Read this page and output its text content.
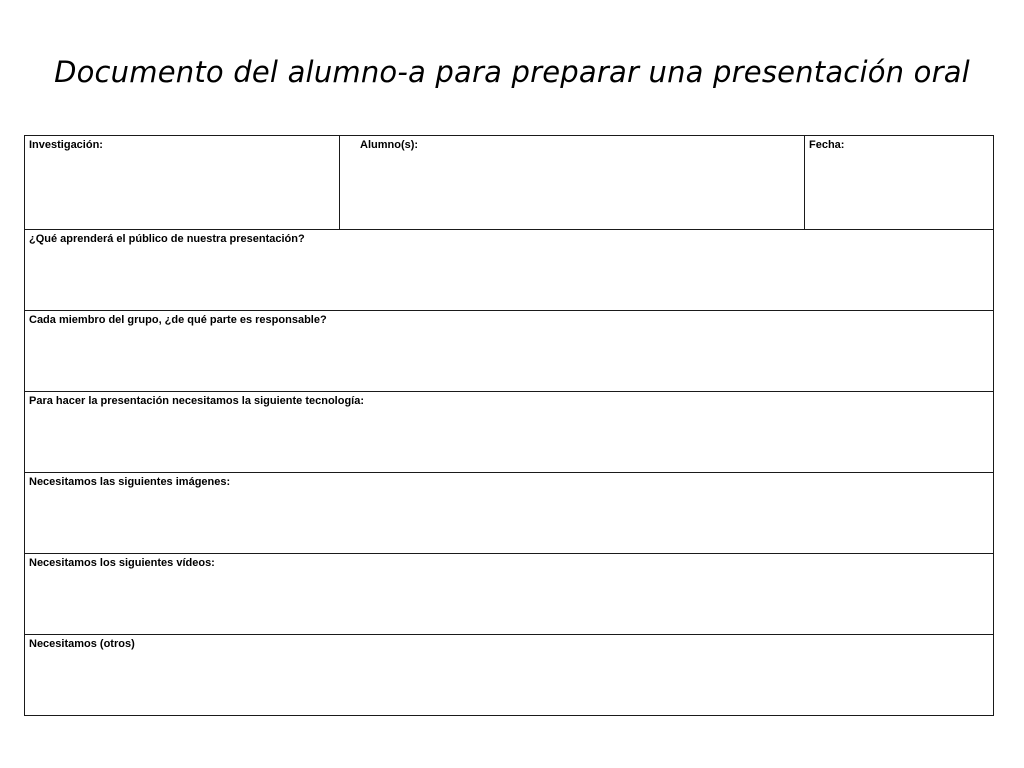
Documento del alumno-a para preparar una presentación oral
Investigación:	Alumno(s):	Fecha:
¿Qué aprenderá el público de nuestra presentación?
Cada miembro del grupo, ¿de qué parte es responsable?
Para hacer la presentación necesitamos la siguiente tecnología:
Necesitamos las siguientes imágenes:
Necesitamos los siguientes vídeos:
Necesitamos (otros)
